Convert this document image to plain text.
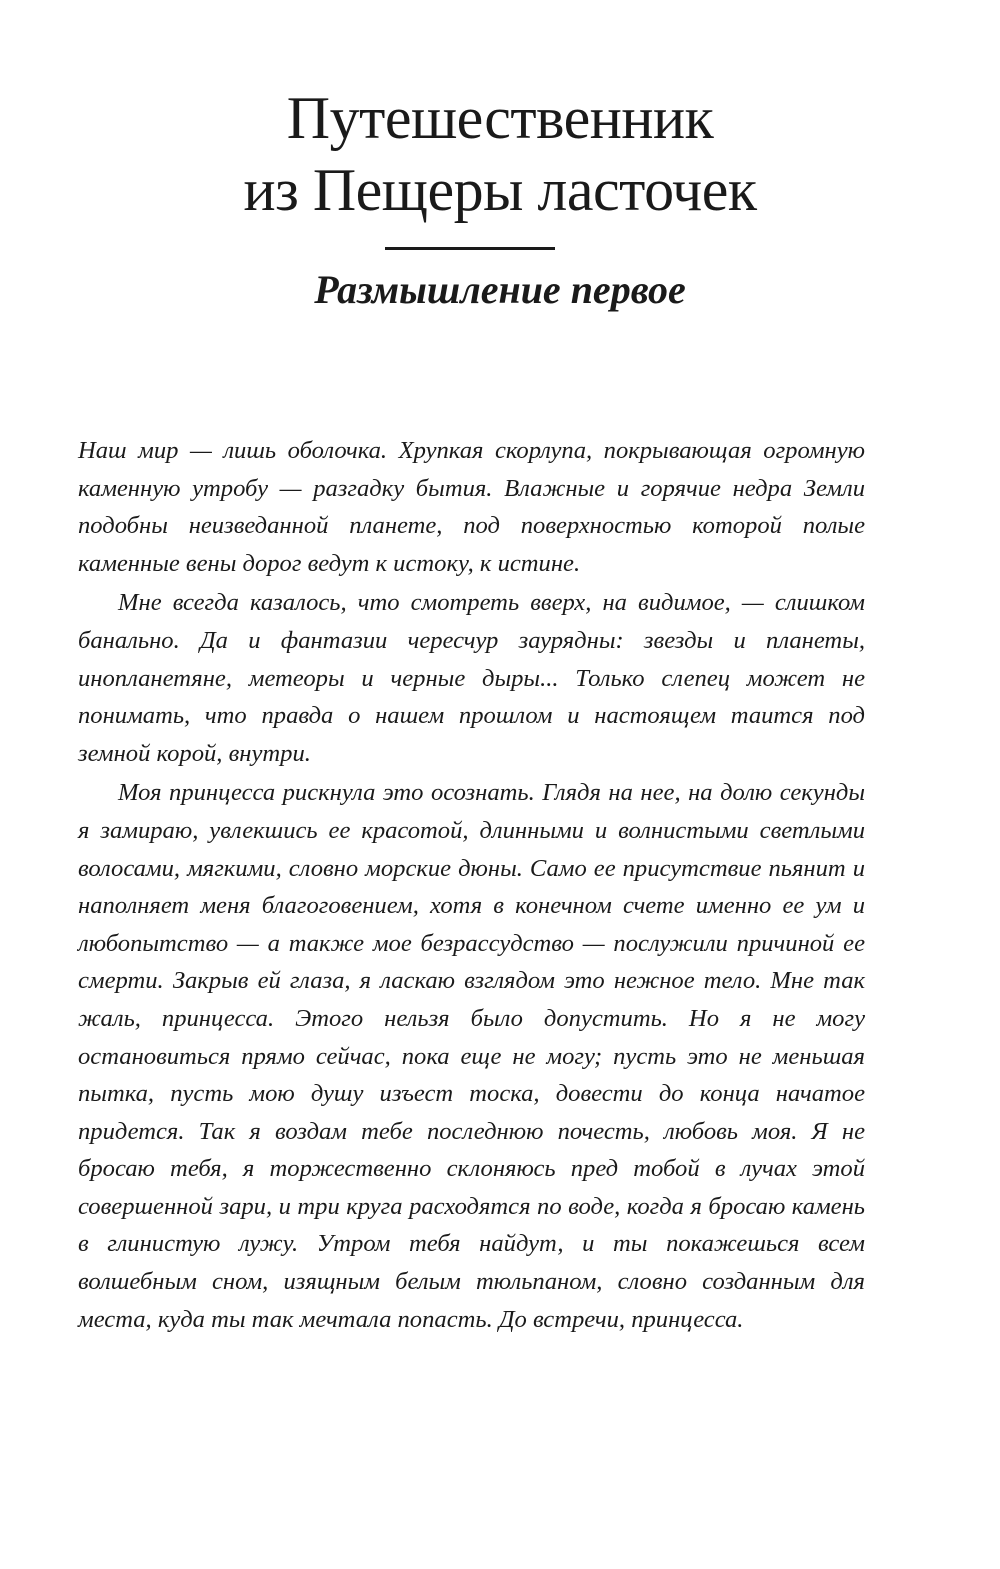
Путешественник
из Пещеры ласточек
Размышление первое

Наш мир — лишь оболочка. Хрупкая скорлупа, покрывающая огромную каменную утробу — разгадку бытия. Влажные и горячие недра Земли подобны неизведанной планете, под поверхностью которой полые каменные вены дорог ведут к истоку, к истине.

Мне всегда казалось, что смотреть вверх, на видимое, — слишком банально. Да и фантазии чересчур заурядны: звезды и планеты, инопланетяне, метеоры и черные дыры... Только слепец может не понимать, что правда о нашем прошлом и настоящем таится под земной корой, внутри.

Моя принцесса рискнула это осознать. Глядя на нее, на долю секунды я замираю, увлекшись ее красотой, длинными и волнистыми светлыми волосами, мягкими, словно морские дюны. Само ее присутствие пьянит и наполняет меня благоговением, хотя в конечном счете именно ее ум и любопытство — а также мое безрассудство — послужили причиной ее смерти. Закрыв ей глаза, я ласкаю взглядом это нежное тело. Мне так жаль, принцесса. Этого нельзя было допустить. Но я не могу остановиться прямо сейчас, пока еще не могу; пусть это не меньшая пытка, пусть мою душу изъест тоска, довести до конца начатое придется. Так я воздам тебе последнюю почесть, любовь моя. Я не бросаю тебя, я торжественно склоняюсь пред тобой в лучах этой совершенной зари, и три круга расходятся по воде, когда я бросаю камень в глинистую лужу. Утром тебя найдут, и ты покажешься всем волшебным сном, изящным белым тюльпаном, словно созданным для места, куда ты так мечтала попасть. До встречи, принцесса.
